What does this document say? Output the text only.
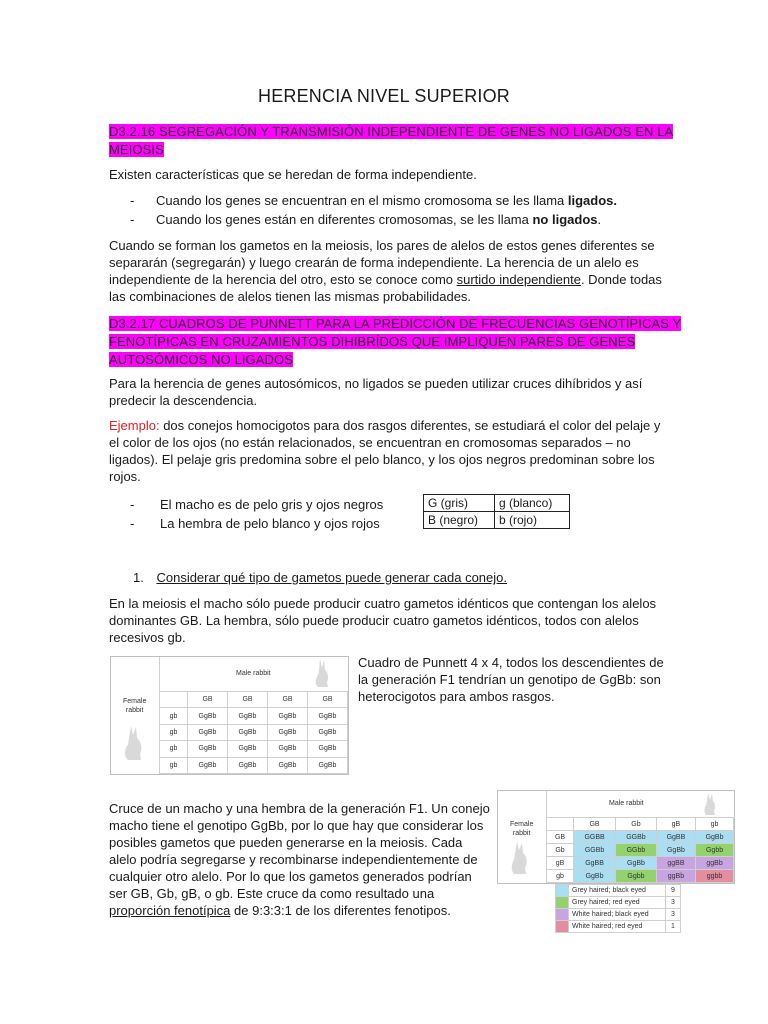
HERENCIA NIVEL SUPERIOR
D3.2.16 SEGREGACIÓN Y TRANSMISIÓN INDEPENDIENTE DE GENES NO LIGADOS EN LA
MEIOSIS
Existen características que se heredan de forma independiente.
- Cuando los genes se encuentran en el mismo cromosoma se les llama ligados.
- Cuando los genes están en diferentes cromosomas, se les llama no ligados.
Cuando se forman los gametos en la meiosis, los pares de alelos de estos genes diferentes se
separarán (segregarán) y luego crearán de forma independiente. La herencia de un alelo es
independiente de la herencia del otro, esto se conoce como surtido independiente. Donde todas
las combinaciones de alelos tienen las mismas probabilidades.
D3.2.17 CUADROS DE PUNNETT PARA LA PREDICCIÓN DE FRECUENCIAS GENOTÍPICAS Y
FENOTÍPICAS EN CRUZAMIENTOS DIHIBRÍDOS QUE IMPLIQUEN PARES DE GENES
AUTOSÓMICOS NO LIGADOS
Para la herencia de genes autosómicos, no ligados se pueden utilizar cruces dihíbridos y así
predecir la descendencia.
Ejemplo: dos conejos homocigotos para dos rasgos diferentes, se estudiará el color del pelaje y
el color de los ojos (no están relacionados, se encuentran en cromosomas separados – no
ligados). El pelaje gris predomina sobre el pelo blanco, y los ojos negros predominan sobre los
rojos.
- El macho es de pelo gris y ojos negros
- La hembra de pelo blanco y ojos rojos
G (gris)	g (blanco)
B (negro)	b (rojo)
1. Considerar qué tipo de gametos puede generar cada conejo.
En la meiosis el macho sólo puede producir cuatro gametos idénticos que contengan los alelos
dominantes GB. La hembra, sólo puede producir cuatro gametos idénticos, todos con alelos
recesivos gb.
Male rabbit
Female
rabbit
	GB	GB	GB	GB
gb	GgBb	GgBb	GgBb	GgBb
gb	GgBb	GgBb	GgBb	GgBb
gb	GgBb	GgBb	GgBb	GgBb
gb	GgBb	GgBb	GgBb	GgBb
Cuadro de Punnett 4 x 4, todos los descendientes de
la generación F1 tendrían un genotipo de GgBb: son
heterocigotos para ambos rasgos.
Cruce de un macho y una hembra de la generación F1. Un conejo
macho tiene el genotipo GgBb, por lo que hay que considerar los
posibles gametos que pueden generarse en la meiosis. Cada
alelo podría segregarse y recombinarse independientemente de
cualquier otro alelo. Por lo que los gametos generados podrían
ser GB, Gb, gB, o gb. Este cruce da como resultado una
proporción fenotípica de 9:3:3:1 de los diferentes fenotipos.
Male rabbit
Female
rabbit
	GB	Gb	gB	gb
GB	GGBB	GGBb	GgBB	GgBb
Gb	GGBb	GGbb	GgBb	Ggbb
gB	GgBB	GgBb	ggBB	ggBb
gb	GgBb	Ggbb	ggBb	ggbb
	Grey haired; black eyed	9
	Grey haired; red eyed	3
	White haired; black eyed	3
	White haired; red eyed	1
